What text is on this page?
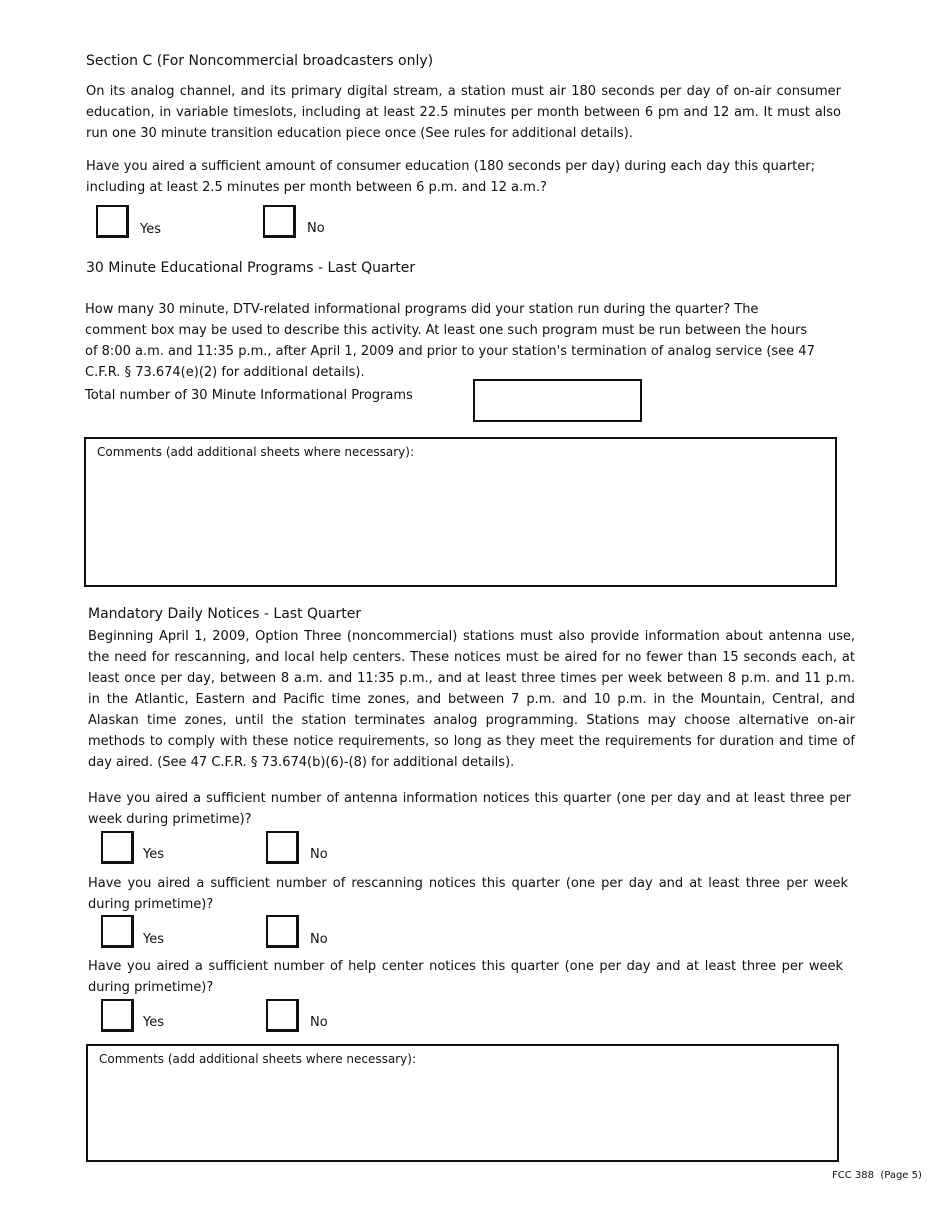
Section C (For Noncommercial broadcasters only)
On its analog channel, and its primary digital stream, a station must air 180 seconds per day of on-air consumer education, in variable timeslots, including at least 22.5 minutes per month between 6 pm and 12 am. It must also run one 30 minute transition education piece once (See rules for additional details).
Have you aired a sufficient amount of consumer education (180 seconds per day) during each day this quarter; including at least 2.5 minutes per month between 6 p.m. and 12 a.m.?
Yes	No
30 Minute Educational Programs - Last Quarter
How many 30 minute, DTV-related informational programs did your station run during the quarter? The comment box may be used to describe this activity. At least one such program must be run between the hours of 8:00 a.m. and 11:35 p.m., after April 1, 2009 and prior to your station's termination of analog service (see 47 C.F.R. § 73.674(e)(2) for additional details).
Total number of 30 Minute Informational Programs
Comments (add additional sheets where necessary):
Mandatory Daily Notices - Last Quarter
Beginning April 1, 2009, Option Three (noncommercial) stations must also provide information about antenna use, the need for rescanning, and local help centers. These notices must be aired for no fewer than 15 seconds each, at least once per day, between 8 a.m. and 11:35 p.m., and at least three times per week between 8 p.m. and 11 p.m. in the Atlantic, Eastern and Pacific time zones, and between 7 p.m. and 10 p.m. in the Mountain, Central, and Alaskan time zones, until the station terminates analog programming. Stations may choose alternative on-air methods to comply with these notice requirements, so long as they meet the requirements for duration and time of day aired. (See 47 C.F.R. § 73.674(b)(6)-(8) for additional details).
Have you aired a sufficient number of antenna information notices this quarter (one per day and at least three per week during primetime)?
Yes	No
Have you aired a sufficient number of rescanning notices this quarter (one per day and at least three per week during primetime)?
Yes	No
Have you aired a sufficient number of help center notices this quarter (one per day and at least three per week during primetime)?
Yes	No
Comments (add additional sheets where necessary):
FCC 388  (Page 5)
